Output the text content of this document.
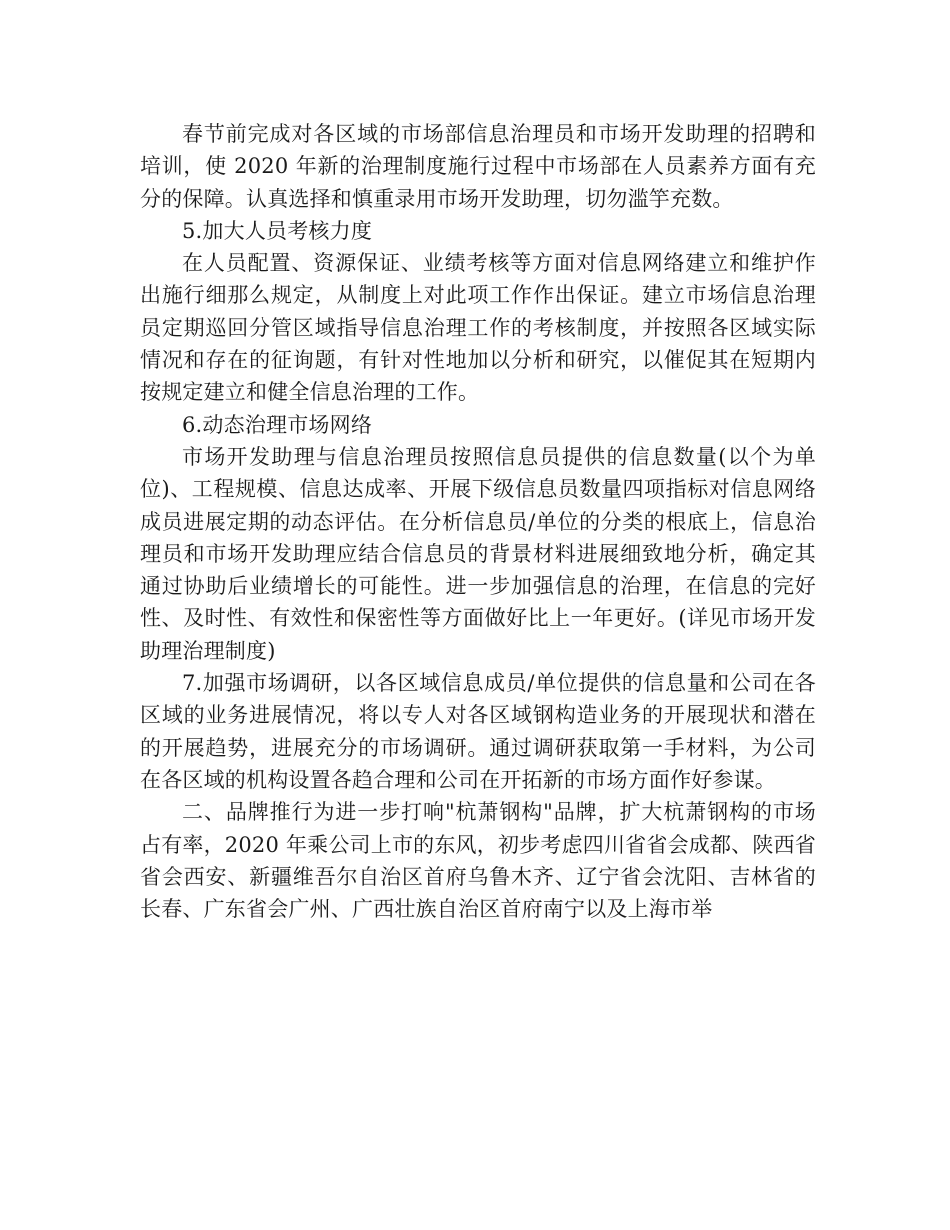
春节前完成对各区域的市场部信息治理员和市场开发助理的招聘和培训，使 2020 年新的治理制度施行过程中市场部在人员素养方面有充分的保障。认真选择和慎重录用市场开发助理，切勿滥竽充数。

5.加大人员考核力度

在人员配置、资源保证、业绩考核等方面对信息网络建立和维护作出施行细那么规定，从制度上对此项工作作出保证。建立市场信息治理员定期巡回分管区域指导信息治理工作的考核制度，并按照各区域实际情况和存在的征询题，有针对性地加以分析和研究，以催促其在短期内按规定建立和健全信息治理的工作。

6.动态治理市场网络

市场开发助理与信息治理员按照信息员提供的信息数量(以个为单位)、工程规模、信息达成率、开展下级信息员数量四项指标对信息网络成员进展定期的动态评估。在分析信息员/单位的分类的根底上，信息治理员和市场开发助理应结合信息员的背景材料进展细致地分析，确定其通过协助后业绩增长的可能性。进一步加强信息的治理，在信息的完好性、及时性、有效性和保密性等方面做好比上一年更好。(详见市场开发助理治理制度)

7.加强市场调研，以各区域信息成员/单位提供的信息量和公司在各区域的业务进展情况，将以专人对各区域钢构造业务的开展现状和潜在的开展趋势，进展充分的市场调研。通过调研获取第一手材料，为公司在各区域的机构设置各趋合理和公司在开拓新的市场方面作好参谋。

二、品牌推行为进一步打响"杭萧钢构"品牌，扩大杭萧钢构的市场占有率，2020 年乘公司上市的东风，初步考虑四川省省会成都、陕西省省会西安、新疆维吾尔自治区首府乌鲁木齐、辽宁省会沈阳、吉林省的长春、广东省会广州、广西壮族自治区首府南宁以及上海市举
